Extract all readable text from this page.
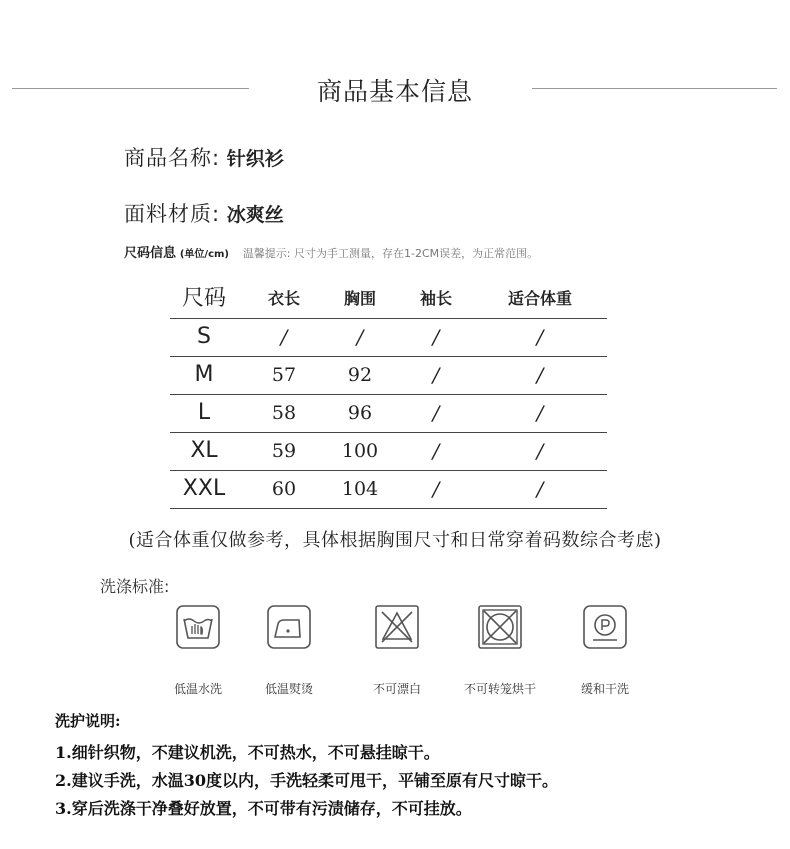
商品基本信息
商品名称: 针织衫
面料材质: 冰爽丝
尺码信息 (单位/cm) 温馨提示: 尺寸为手工测量，存在1-2CM误差，为正常范围。
尺码	衣长	胸围	袖长	适合体重
S	/	/	/	/
M	57	92	/	/
L	58	96	/	/
XL	59	100	/	/
XXL	60	104	/	/
(适合体重仅做参考，具体根据胸围尺寸和日常穿着码数综合考虑)
洗涤标准:
低温水洗	低温熨烫	不可漂白	不可转笼烘干	缓和干洗
洗护说明:
1.细针织物，不建议机洗，不可热水，不可悬挂晾干。
2.建议手洗，水温30度以内，手洗轻柔可甩干，平铺至原有尺寸晾干。
3.穿后洗涤干净叠好放置，不可带有污渍储存，不可挂放。
